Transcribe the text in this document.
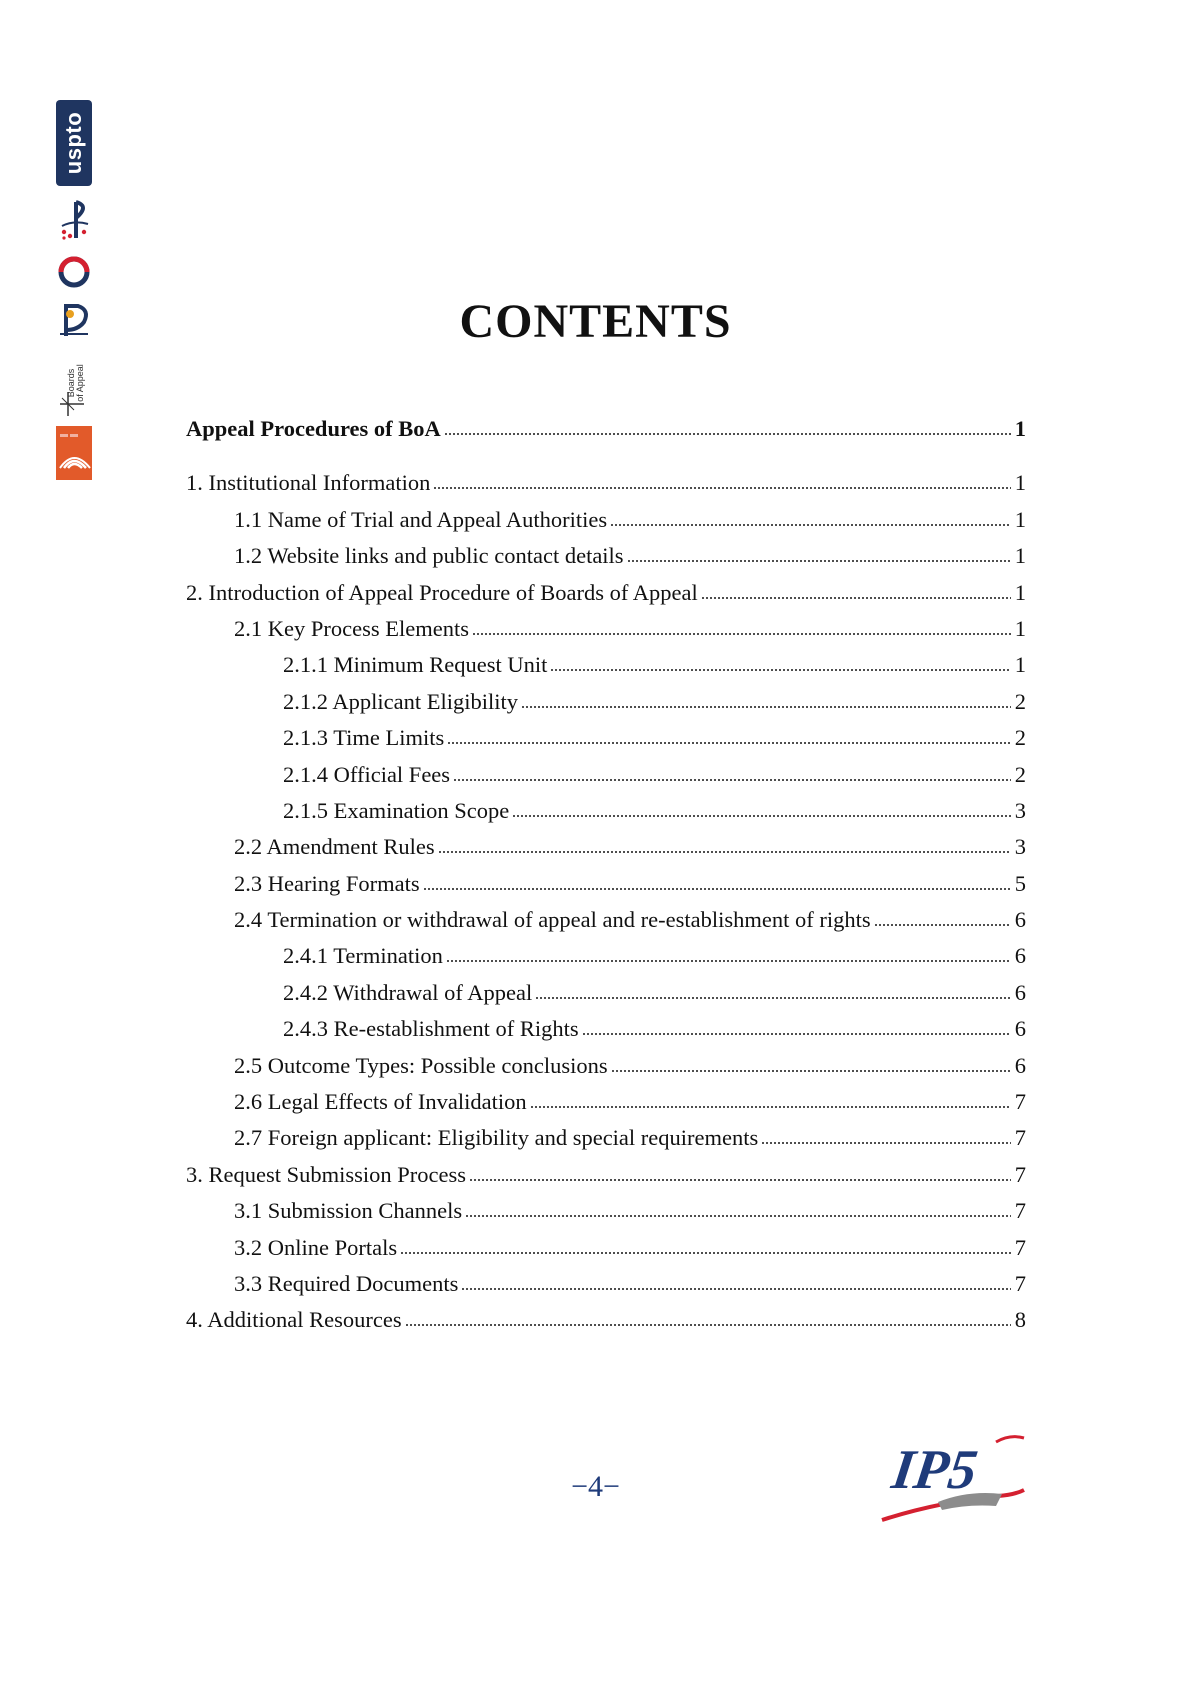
uspto
Boards of Appeal
CONTENTS
Appeal Procedures of BoA	1
1. Institutional Information	1
1.1 Name of Trial and Appeal Authorities	1
1.2 Website links and public contact details	1
2. Introduction of Appeal Procedure of Boards of Appeal	1
2.1 Key Process Elements	1
2.1.1 Minimum Request Unit	1
2.1.2 Applicant Eligibility	2
2.1.3 Time Limits	2
2.1.4 Official Fees	2
2.1.5 Examination Scope	3
2.2 Amendment Rules	3
2.3 Hearing Formats	5
2.4 Termination or withdrawal of appeal and re-establishment of rights	6
2.4.1 Termination	6
2.4.2 Withdrawal of Appeal	6
2.4.3 Re-establishment of Rights	6
2.5 Outcome Types: Possible conclusions	6
2.6 Legal Effects of Invalidation	7
2.7 Foreign applicant: Eligibility and special requirements	7
3. Request Submission Process	7
3.1 Submission Channels	7
3.2 Online Portals	7
3.3 Required Documents	7
4. Additional Resources	8
−4−	IP5
